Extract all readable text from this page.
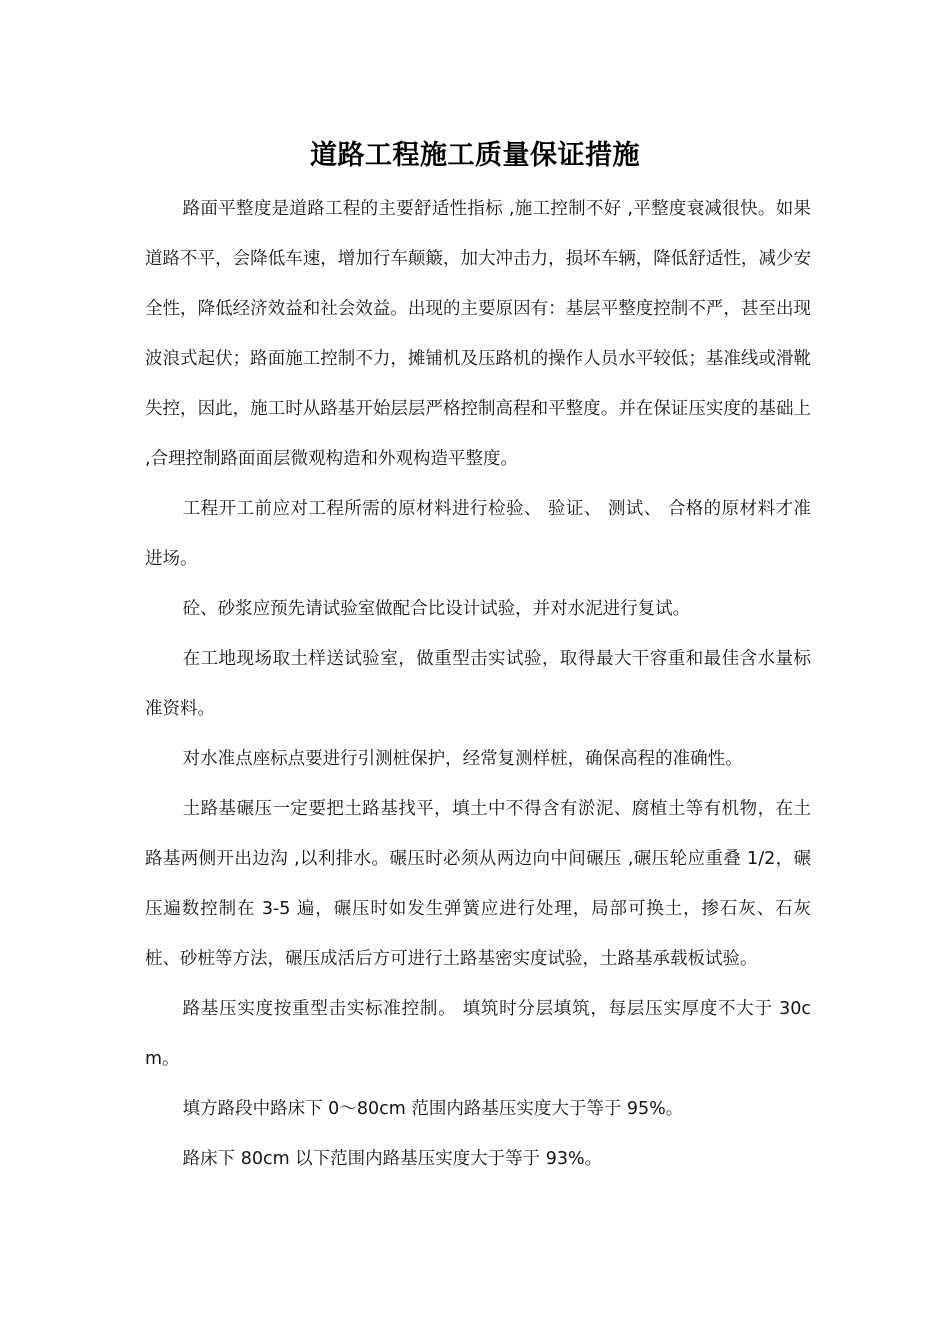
道路工程施工质量保证措施

路面平整度是道路工程的主要舒适性指标 ,施工控制不好 ,平整度衰减很快。如果道路不平，会降低车速，增加行车颠簸，加大冲击力，损坏车辆，降低舒适性，减少安全性，降低经济效益和社会效益。出现的主要原因有：基层平整度控制不严，甚至出现波浪式起伏；路面施工控制不力，摊铺机及压路机的操作人员水平较低；基准线或滑靴失控，因此，施工时从路基开始层层严格控制高程和平整度。并在保证压实度的基础上 ,合理控制路面面层微观构造和外观构造平整度。

工程开工前应对工程所需的原材料进行检验、 验证、 测试、 合格的原材料才准进场。

砼、砂浆应预先请试验室做配合比设计试验，并对水泥进行复试。

在工地现场取土样送试验室，做重型击实试验，取得最大干容重和最佳含水量标准资料。

对水准点座标点要进行引测桩保护，经常复测样桩，确保高程的准确性。

土路基碾压一定要把土路基找平，填土中不得含有淤泥、腐植土等有机物，在土路基两侧开出边沟 ,以利排水。碾压时必须从两边向中间碾压 ,碾压轮应重叠 1/2，碾压遍数控制在 3-5 遍，碾压时如发生弹簧应进行处理，局部可换土，掺石灰、石灰桩、砂桩等方法，碾压成活后方可进行土路基密实度试验，土路基承载板试验。

路基压实度按重型击实标准控制。 填筑时分层填筑，每层压实厚度不大于 30cm。

填方路段中路床下 0～80cm 范围内路基压实度大于等于 95%。

路床下 80cm 以下范围内路基压实度大于等于 93%。
